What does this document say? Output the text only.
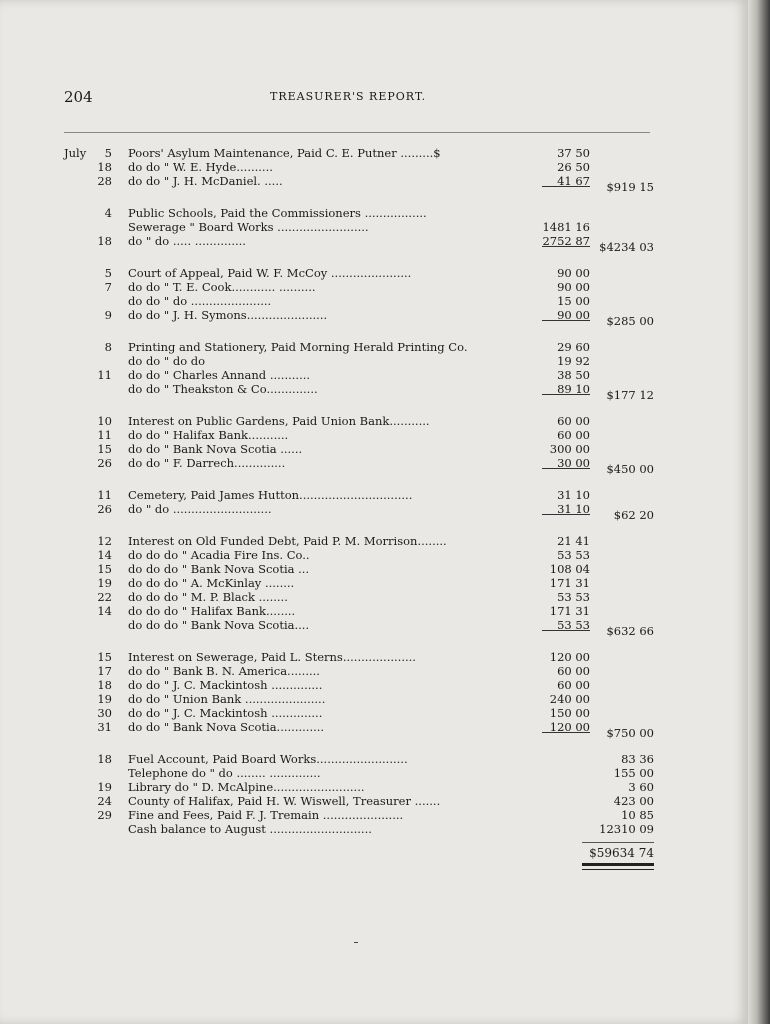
204	TREASURER'S REPORT.
July	5 Poors' Asylum Maintenance, Paid C. E. Putner .........$	37 50
18 do do " W. E. Hyde..........	26 50
28 do do " J. H. McDaniel. .....	41 67	$919 15
4 Public Schools, Paid the Commissioners .................
Sewerage " Board Works .........................	1481 16
18 do " do ..... ..............	2752 87 $4234 03
5 Court of Appeal, Paid W. F. McCoy ......................	90 00
7 do do " T. E. Cook............ ..........	90 00
do do " do ......................	15 00
9 do do " J. H. Symons......................	90 00	$285 00
8 Printing and Stationery, Paid Morning Herald Printing Co.	29 60
do do " do do	19 92
11 do do " Charles Annand ...........	38 50
do do " Theakston & Co..............	89 10	$177 12
10 Interest on Public Gardens, Paid Union Bank...........	60 00
11 do do " Halifax Bank...........	60 00
15 do do " Bank Nova Scotia ......	300 00
26 do do " F. Darrech..............	30 00	$450 00
11 Cemetery, Paid James Hutton...............................	31 10
26 do " do ...........................	31 10	$62 20
12 Interest on Old Funded Debt, Paid P. M. Morrison........	21 41
14 do do do " Acadia Fire Ins. Co..	53 53
15 do do do " Bank Nova Scotia ...	108 04
19 do do do " A. McKinlay ........	171 31
22 do do do " M. P. Black ........	53 53
14 do do do " Halifax Bank........	171 31
do do do " Bank Nova Scotia....	53 53	$632 66
15 Interest on Sewerage, Paid L. Sterns....................	120 00
17 do do " Bank B. N. America.........	60 00
18 do do " J. C. Mackintosh ..............	60 00
19 do do " Union Bank ......................	240 00
30 do do " J. C. Mackintosh ..............	150 00
31 do do " Bank Nova Scotia.............	120 00	$750 00
18 Fuel Account, Paid Board Works.........................	83 36
Telephone do " do ........ ..............	155 00
19 Library do " D. McAlpine.........................	3 60
24 County of Halifax, Paid H. W. Wiswell, Treasurer .......	423 00
29 Fine and Fees, Paid F. J. Tremain ......................	10 85
Cash balance to August ............................	12310 09
$59634 74
